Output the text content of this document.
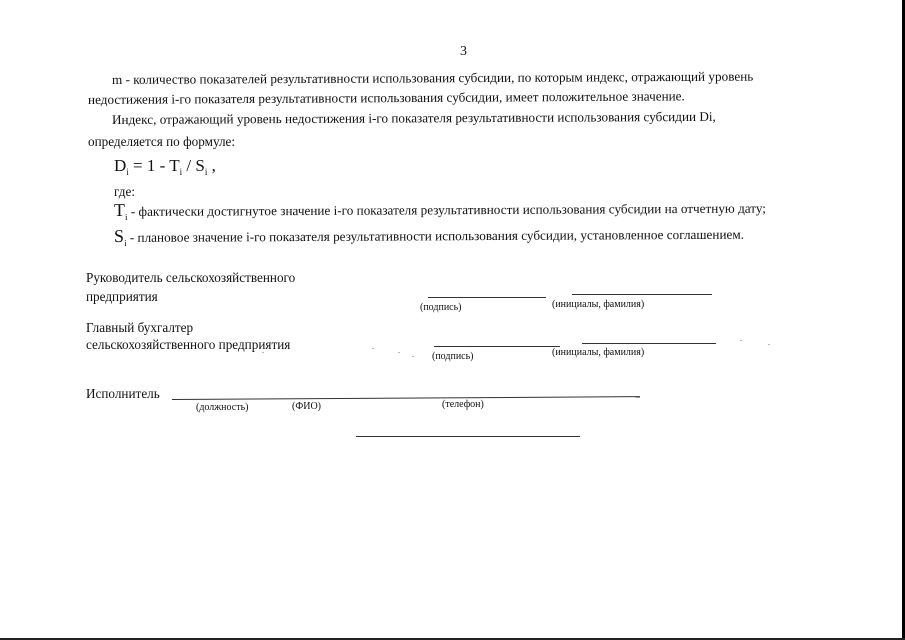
3
m - количество показателей результативности использования субсидии, по которым индекс, отражающий уровень
недостижения i-го показателя результативности использования субсидии, имеет положительное значение.
Индекс, отражающий уровень недостижения i-го показателя результативности использования субсидии Di,
определяется по формуле:
$D_i = 1 - T_i / S_i$ ,
где:
$T_i$ - фактически достигнутое значение i-го показателя результативности использования субсидии на отчетную дату;
$S_i$ - плановое значение i-го показателя результативности использования субсидии, установленное соглашением.
Руководитель сельскохозяйственного
предприятия
(подпись)	(инициалы, фамилия)
Главный бухгалтер
сельскохозяйственного предприятия
(подпись)	(инициалы, фамилия)
Исполнитель
(должность)	(ФИО)	(телефон)
